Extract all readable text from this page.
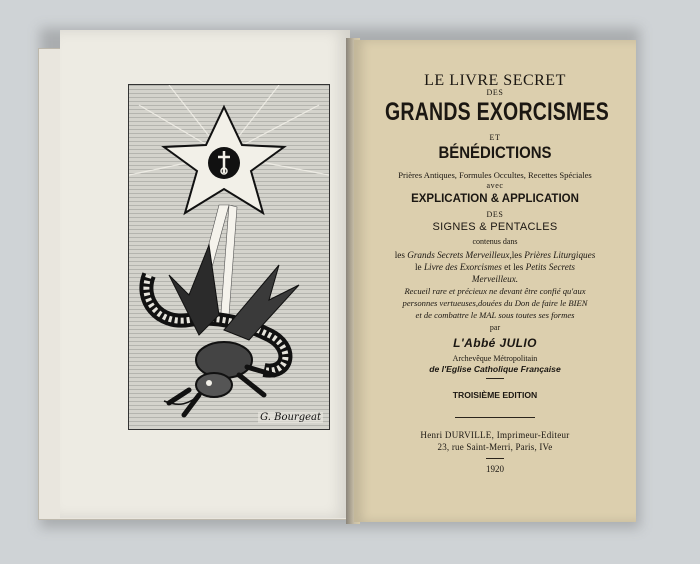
G. Bourgeat
LE LIVRE SECRET
DES
GRANDS EXORCISMES
ET
BÉNÉDICTIONS
Prières Antiques, Formules Occultes, Recettes Spéciales
avec
EXPLICATION & APPLICATION
DES
SIGNES & PENTACLES
contenus dans
les Grands Secrets Merveilleux,les Prières Liturgiques
le Livre des Exorcismes et les Petits Secrets
Merveilleux.
Recueil rare et précieux ne devant être confié qu'aux
personnes vertueuses,douées du Don de faire le BIEN
et de combattre le MAL sous toutes ses formes
par
L'Abbé JULIO
Archevêque Métropolitain
de l'Eglise Catholique Française
TROISIÈME EDITION
Henri DURVILLE, Imprimeur-Editeur
23, rue Saint-Merri, Paris, IVe
1920
